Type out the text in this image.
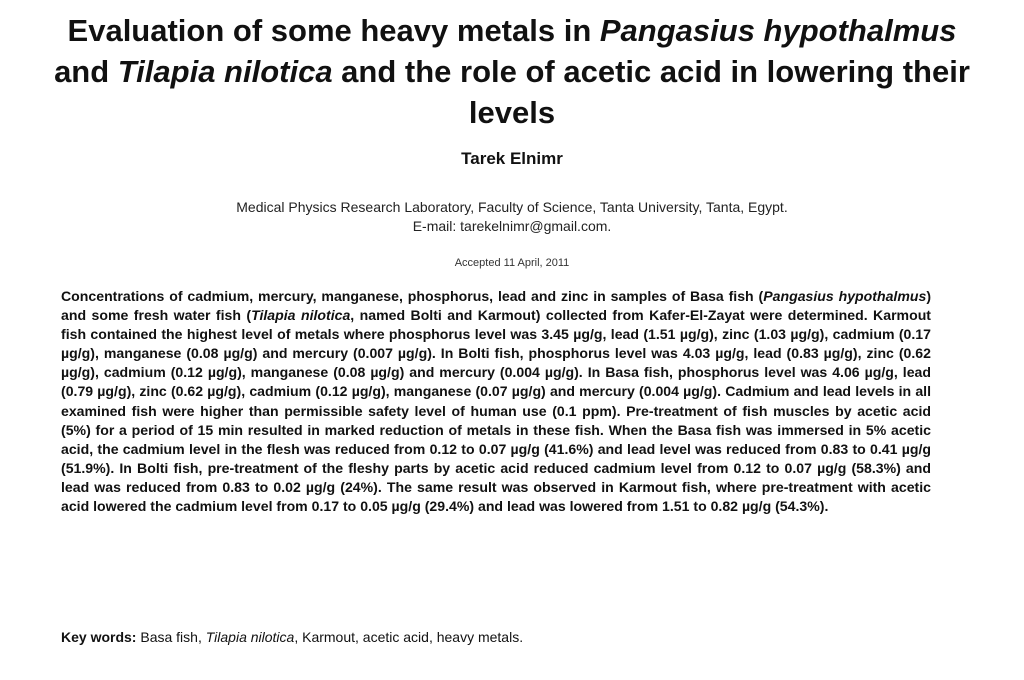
Evaluation of some heavy metals in Pangasius hypothalmus and Tilapia nilotica and the role of acetic acid in lowering their levels
Tarek Elnimr
Medical Physics Research Laboratory, Faculty of Science, Tanta University, Tanta, Egypt.
E-mail: tarekelnimr@gmail.com.
Accepted 11 April, 2011
Concentrations of cadmium, mercury, manganese, phosphorus, lead and zinc in samples of Basa fish (Pangasius hypothalmus) and some fresh water fish (Tilapia nilotica, named Bolti and Karmout) collected from Kafer-El-Zayat were determined. Karmout fish contained the highest level of metals where phosphorus level was 3.45 µg/g, lead (1.51 µg/g), zinc (1.03 µg/g), cadmium (0.17 µg/g), manganese (0.08 µg/g) and mercury (0.007 µg/g). In Bolti fish, phosphorus level was 4.03 µg/g, lead (0.83 µg/g), zinc (0.62 µg/g), cadmium (0.12 µg/g), manganese (0.08 µg/g) and mercury (0.004 µg/g). In Basa fish, phosphorus level was 4.06 µg/g, lead (0.79 µg/g), zinc (0.62 µg/g), cadmium (0.12 µg/g), manganese (0.07 µg/g) and mercury (0.004 µg/g). Cadmium and lead levels in all examined fish were higher than permissible safety level of human use (0.1 ppm). Pre-treatment of fish muscles by acetic acid (5%) for a period of 15 min resulted in marked reduction of metals in these fish. When the Basa fish was immersed in 5% acetic acid, the cadmium level in the flesh was reduced from 0.12 to 0.07 µg/g (41.6%) and lead level was reduced from 0.83 to 0.41 µg/g (51.9%). In Bolti fish, pre-treatment of the fleshy parts by acetic acid reduced cadmium level from 0.12 to 0.07 µg/g (58.3%) and lead was reduced from 0.83 to 0.02 µg/g (24%). The same result was observed in Karmout fish, where pre-treatment with acetic acid lowered the cadmium level from 0.17 to 0.05 µg/g (29.4%) and lead was lowered from 1.51 to 0.82 µg/g (54.3%).
Key words: Basa fish, Tilapia nilotica, Karmout, acetic acid, heavy metals.
